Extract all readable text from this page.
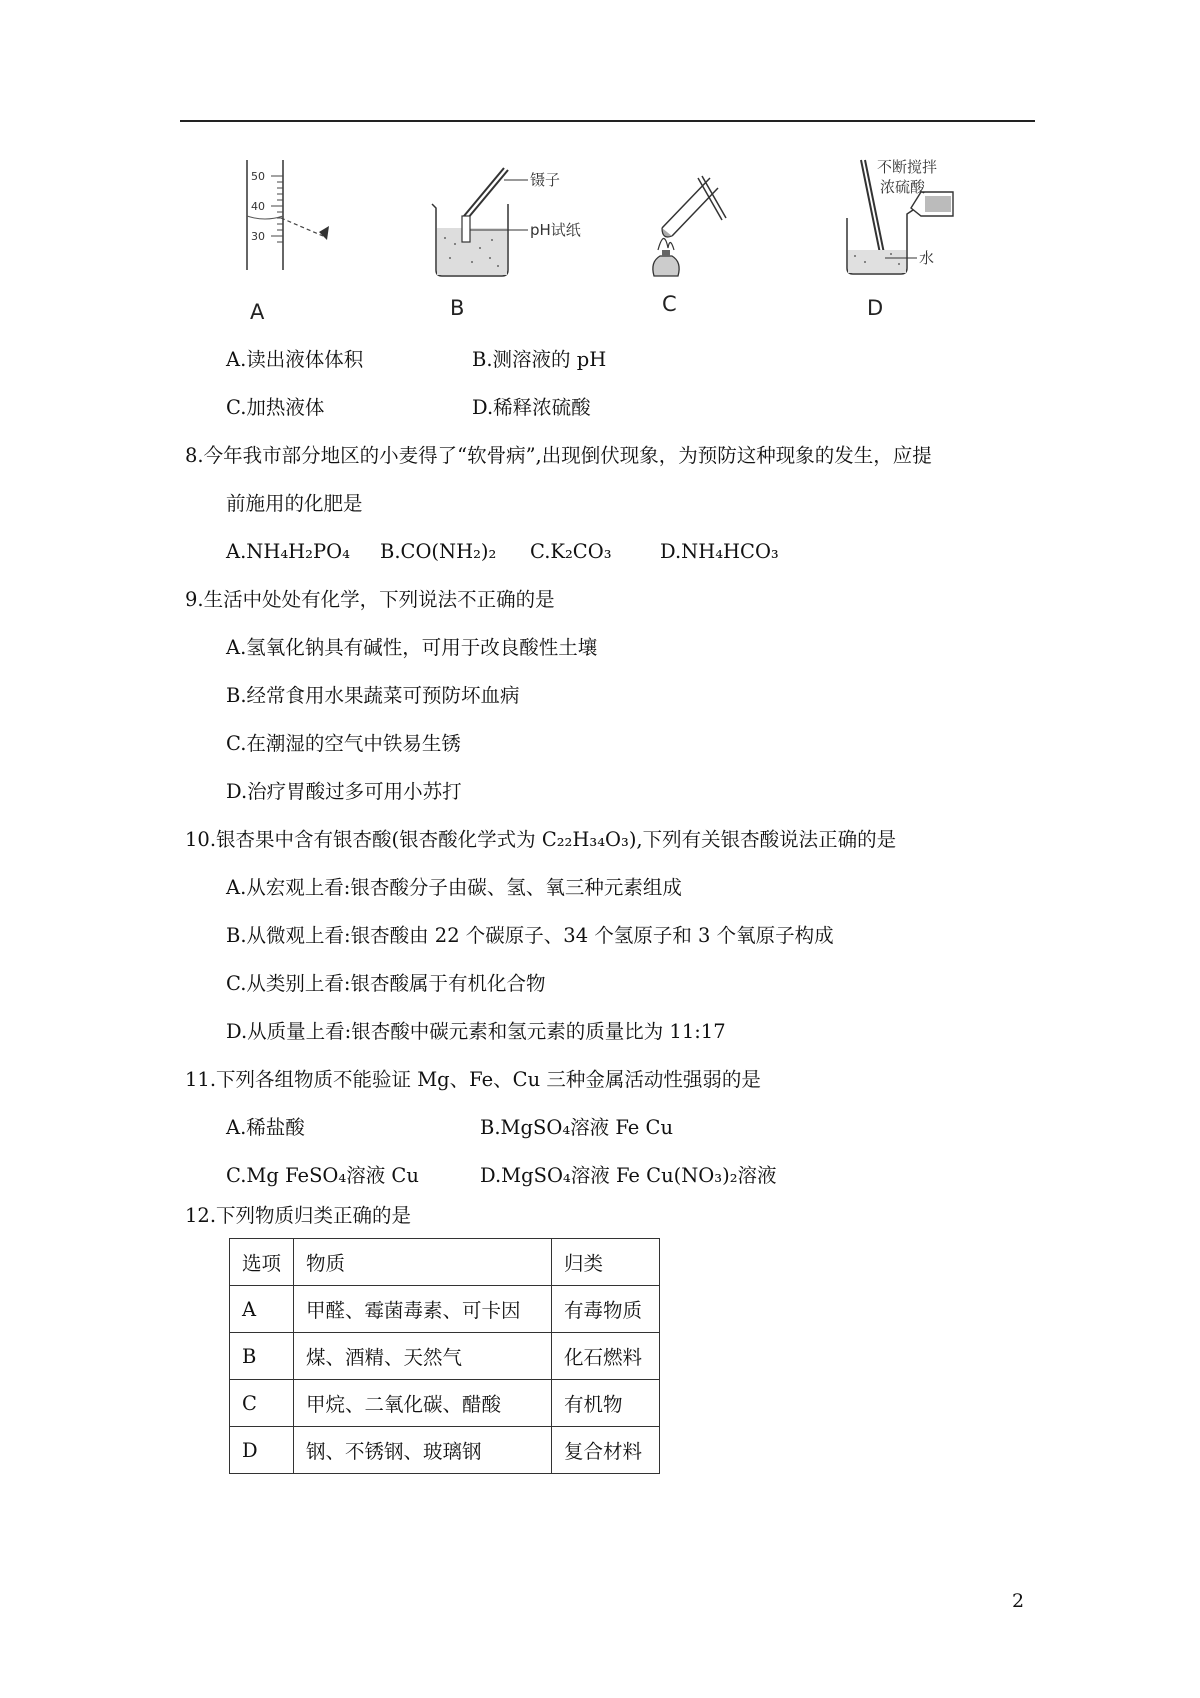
50
40
30
A
镊子
pH试纸
B	C
不断搅拌
浓硫酸
水
D
A.读出液体体积	B.测溶液的 pH
C.加热液体	D.稀释浓硫酸
8.今年我市部分地区的小麦得了“软骨病”,出现倒伏现象，为预防这种现象的发生，应提
前施用的化肥是
A.NH₄H₂PO₄ B.CO(NH₂)₂ C.K₂CO₃ D.NH₄HCO₃
9.生活中处处有化学，下列说法不正确的是
A.氢氧化钠具有碱性，可用于改良酸性土壤
B.经常食用水果蔬菜可预防坏血病
C.在潮湿的空气中铁易生锈
D.治疗胃酸过多可用小苏打
10.银杏果中含有银杏酸(银杏酸化学式为 C₂₂H₃₄O₃),下列有关银杏酸说法正确的是
A.从宏观上看:银杏酸分子由碳、氢、氧三种元素组成
B.从微观上看:银杏酸由 22 个碳原子、34 个氢原子和 3 个氧原子构成
C.从类别上看:银杏酸属于有机化合物
D.从质量上看:银杏酸中碳元素和氢元素的质量比为 11:17
11.下列各组物质不能验证 Mg、Fe、Cu 三种金属活动性强弱的是
A.稀盐酸	B.MgSO₄溶液 Fe Cu
C.Mg FeSO₄溶液 Cu	D.MgSO₄溶液 Fe Cu(NO₃)₂溶液
12.下列物质归类正确的是
选项	物质	归类
A	甲醛、霉菌毒素、可卡因	有毒物质
B	煤、酒精、天然气	化石燃料
C	甲烷、二氧化碳、醋酸	有机物
D	钢、不锈钢、玻璃钢	复合材料
2
